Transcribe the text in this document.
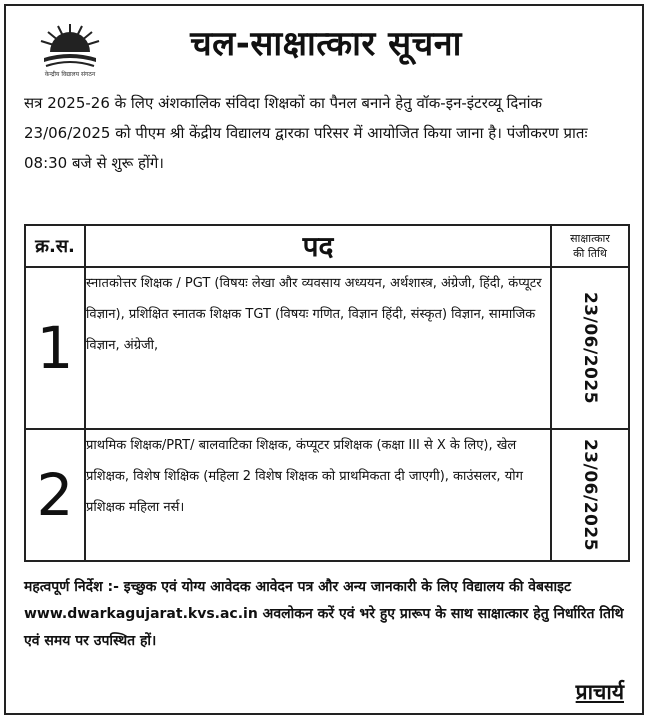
केन्द्रीय विद्यालय संगठन
चल-साक्षात्कार सूचना
सत्र 2025-26 के लिए अंशकालिक संविदा शिक्षकों का पैनल बनाने हेतु वॉक-इन-इंटरव्यू दिनांक 23/06/2025 को पीएम श्री केंद्रीय विद्यालय द्वारका परिसर में आयोजित किया जाना है। पंजीकरण प्रातः 08:30 बजे से शुरू होंगे।
क्र.स.	पद	साक्षात्कार
की तिथि

1	स्नातकोत्तर शिक्षक / PGT (विषयः लेखा और व्यवसाय अध्ययन, अर्थशास्त्र, अंग्रेजी, हिंदी, कंप्यूटर विज्ञान), प्रशिक्षित स्नातक शिक्षक TGT (विषयः गणित, विज्ञान हिंदी, संस्कृत) विज्ञान, सामाजिक विज्ञान, अंग्रेजी,	23/06/2025

2	प्राथमिक शिक्षक/PRT/ बालवाटिका शिक्षक, कंप्यूटर प्रशिक्षक (कक्षा III से X के लिए), खेल प्रशिक्षक, विशेष शिक्षिक (महिला 2 विशेष शिक्षक को प्राथमिकता दी जाएगी), काउंसलर, योग प्रशिक्षक महिला नर्स।	23/06/2025
महत्वपूर्ण निर्देश :- इच्छुक एवं योग्य आवेदक आवेदन पत्र और अन्य जानकारी के लिए विद्यालय की वेबसाइट www.dwarkagujarat.kvs.ac.in अवलोकन करें एवं भरे हुए प्रारूप के साथ साक्षात्कार हेतु निर्धारित तिथि एवं समय पर उपस्थित हों।
प्राचार्य
